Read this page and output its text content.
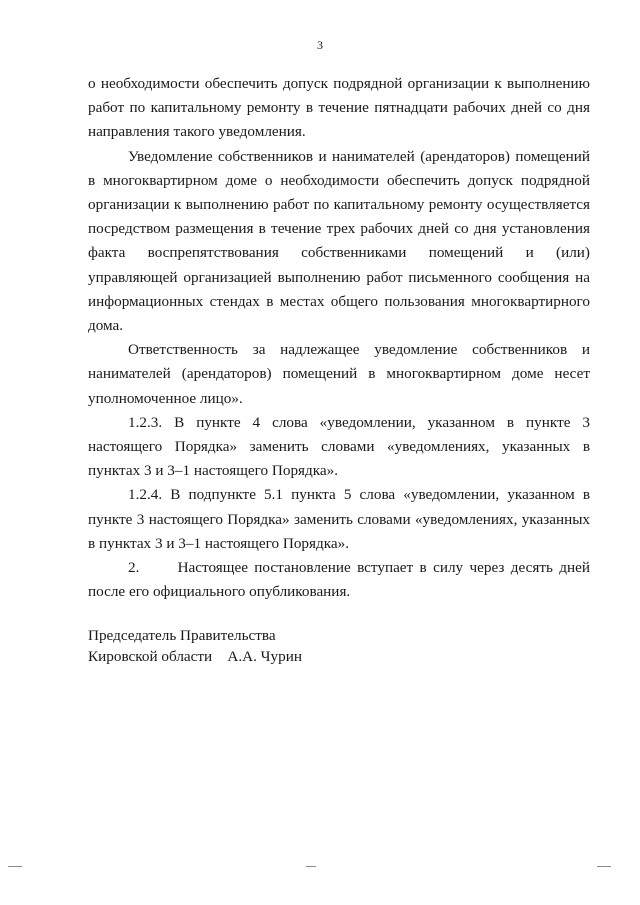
3

о необходимости обеспечить допуск подрядной организации к выполнению работ по капитальному ремонту в течение пятнадцати рабочих дней со дня направления такого уведомления.

Уведомление собственников и нанимателей (арендаторов) помещений в многоквартирном доме о необходимости обеспечить допуск подрядной организации к выполнению работ по капитальному ремонту осуществляется посредством размещения в течение трех рабочих дней со дня установления факта воспрепятствования собственниками помещений и (или) управляющей организацией выполнению работ письменного сообщения на информационных стендах в местах общего пользования многоквартирного дома.

Ответственность за надлежащее уведомление собственников и нанимателей (арендаторов) помещений в многоквартирном доме несет уполномоченное лицо».

1.2.3. В пункте 4 слова «уведомлении, указанном в пункте 3 настоящего Порядка» заменить словами «уведомлениях, указанных в пунктах 3 и 3–1 настоящего Порядка».

1.2.4. В подпункте 5.1 пункта 5 слова «уведомлении, указанном в пункте 3 настоящего Порядка» заменить словами «уведомлениях, указанных в пунктах 3 и 3–1 настоящего Порядка».

2.      Настоящее постановление вступает в силу через десять дней после его официального опубликования.

Председатель Правительства
Кировской области    А.А. Чурин
